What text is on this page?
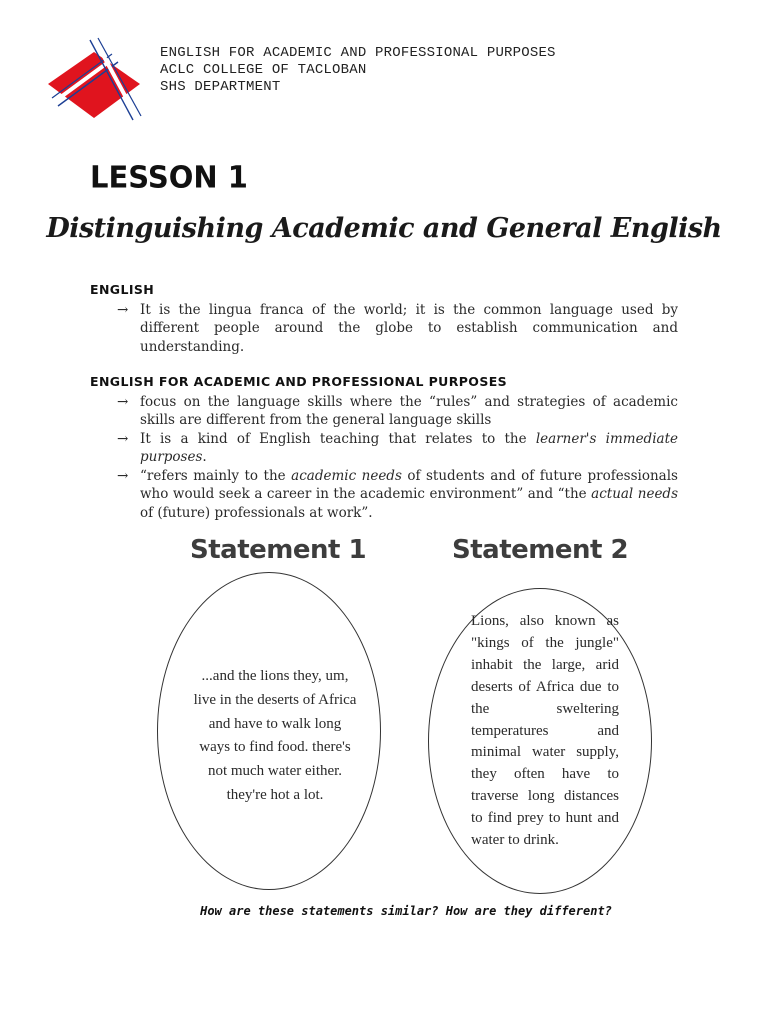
ENGLISH FOR ACADEMIC AND PROFESSIONAL PURPOSES
ACLC COLLEGE OF TACLOBAN
SHS DEPARTMENT
LESSON 1
Distinguishing Academic and General English
ENGLISH
→ It is the lingua franca of the world; it is the common language used by different people around the globe to establish communication and understanding.
ENGLISH FOR ACADEMIC AND PROFESSIONAL PURPOSES
→ focus on the language skills where the “rules” and strategies of academic skills are different from the general language skills
→ It is a kind of English teaching that relates to the learner's immediate purposes.
→ “refers mainly to the academic needs of students and of future professionals who would seek a career in the academic environment” and “the actual needs of (future) professionals at work”.
Statement 1	Statement 2
...and the lions they, um, live in the deserts of Africa and have to walk long ways to find food. there's not much water either. they're hot a lot.
Lions, also known as "kings of the jungle" inhabit the large, arid deserts of Africa due to the sweltering temperatures and minimal water supply, they often have to traverse long distances to find prey to hunt and water to drink.
How are these statements similar? How are they different?
